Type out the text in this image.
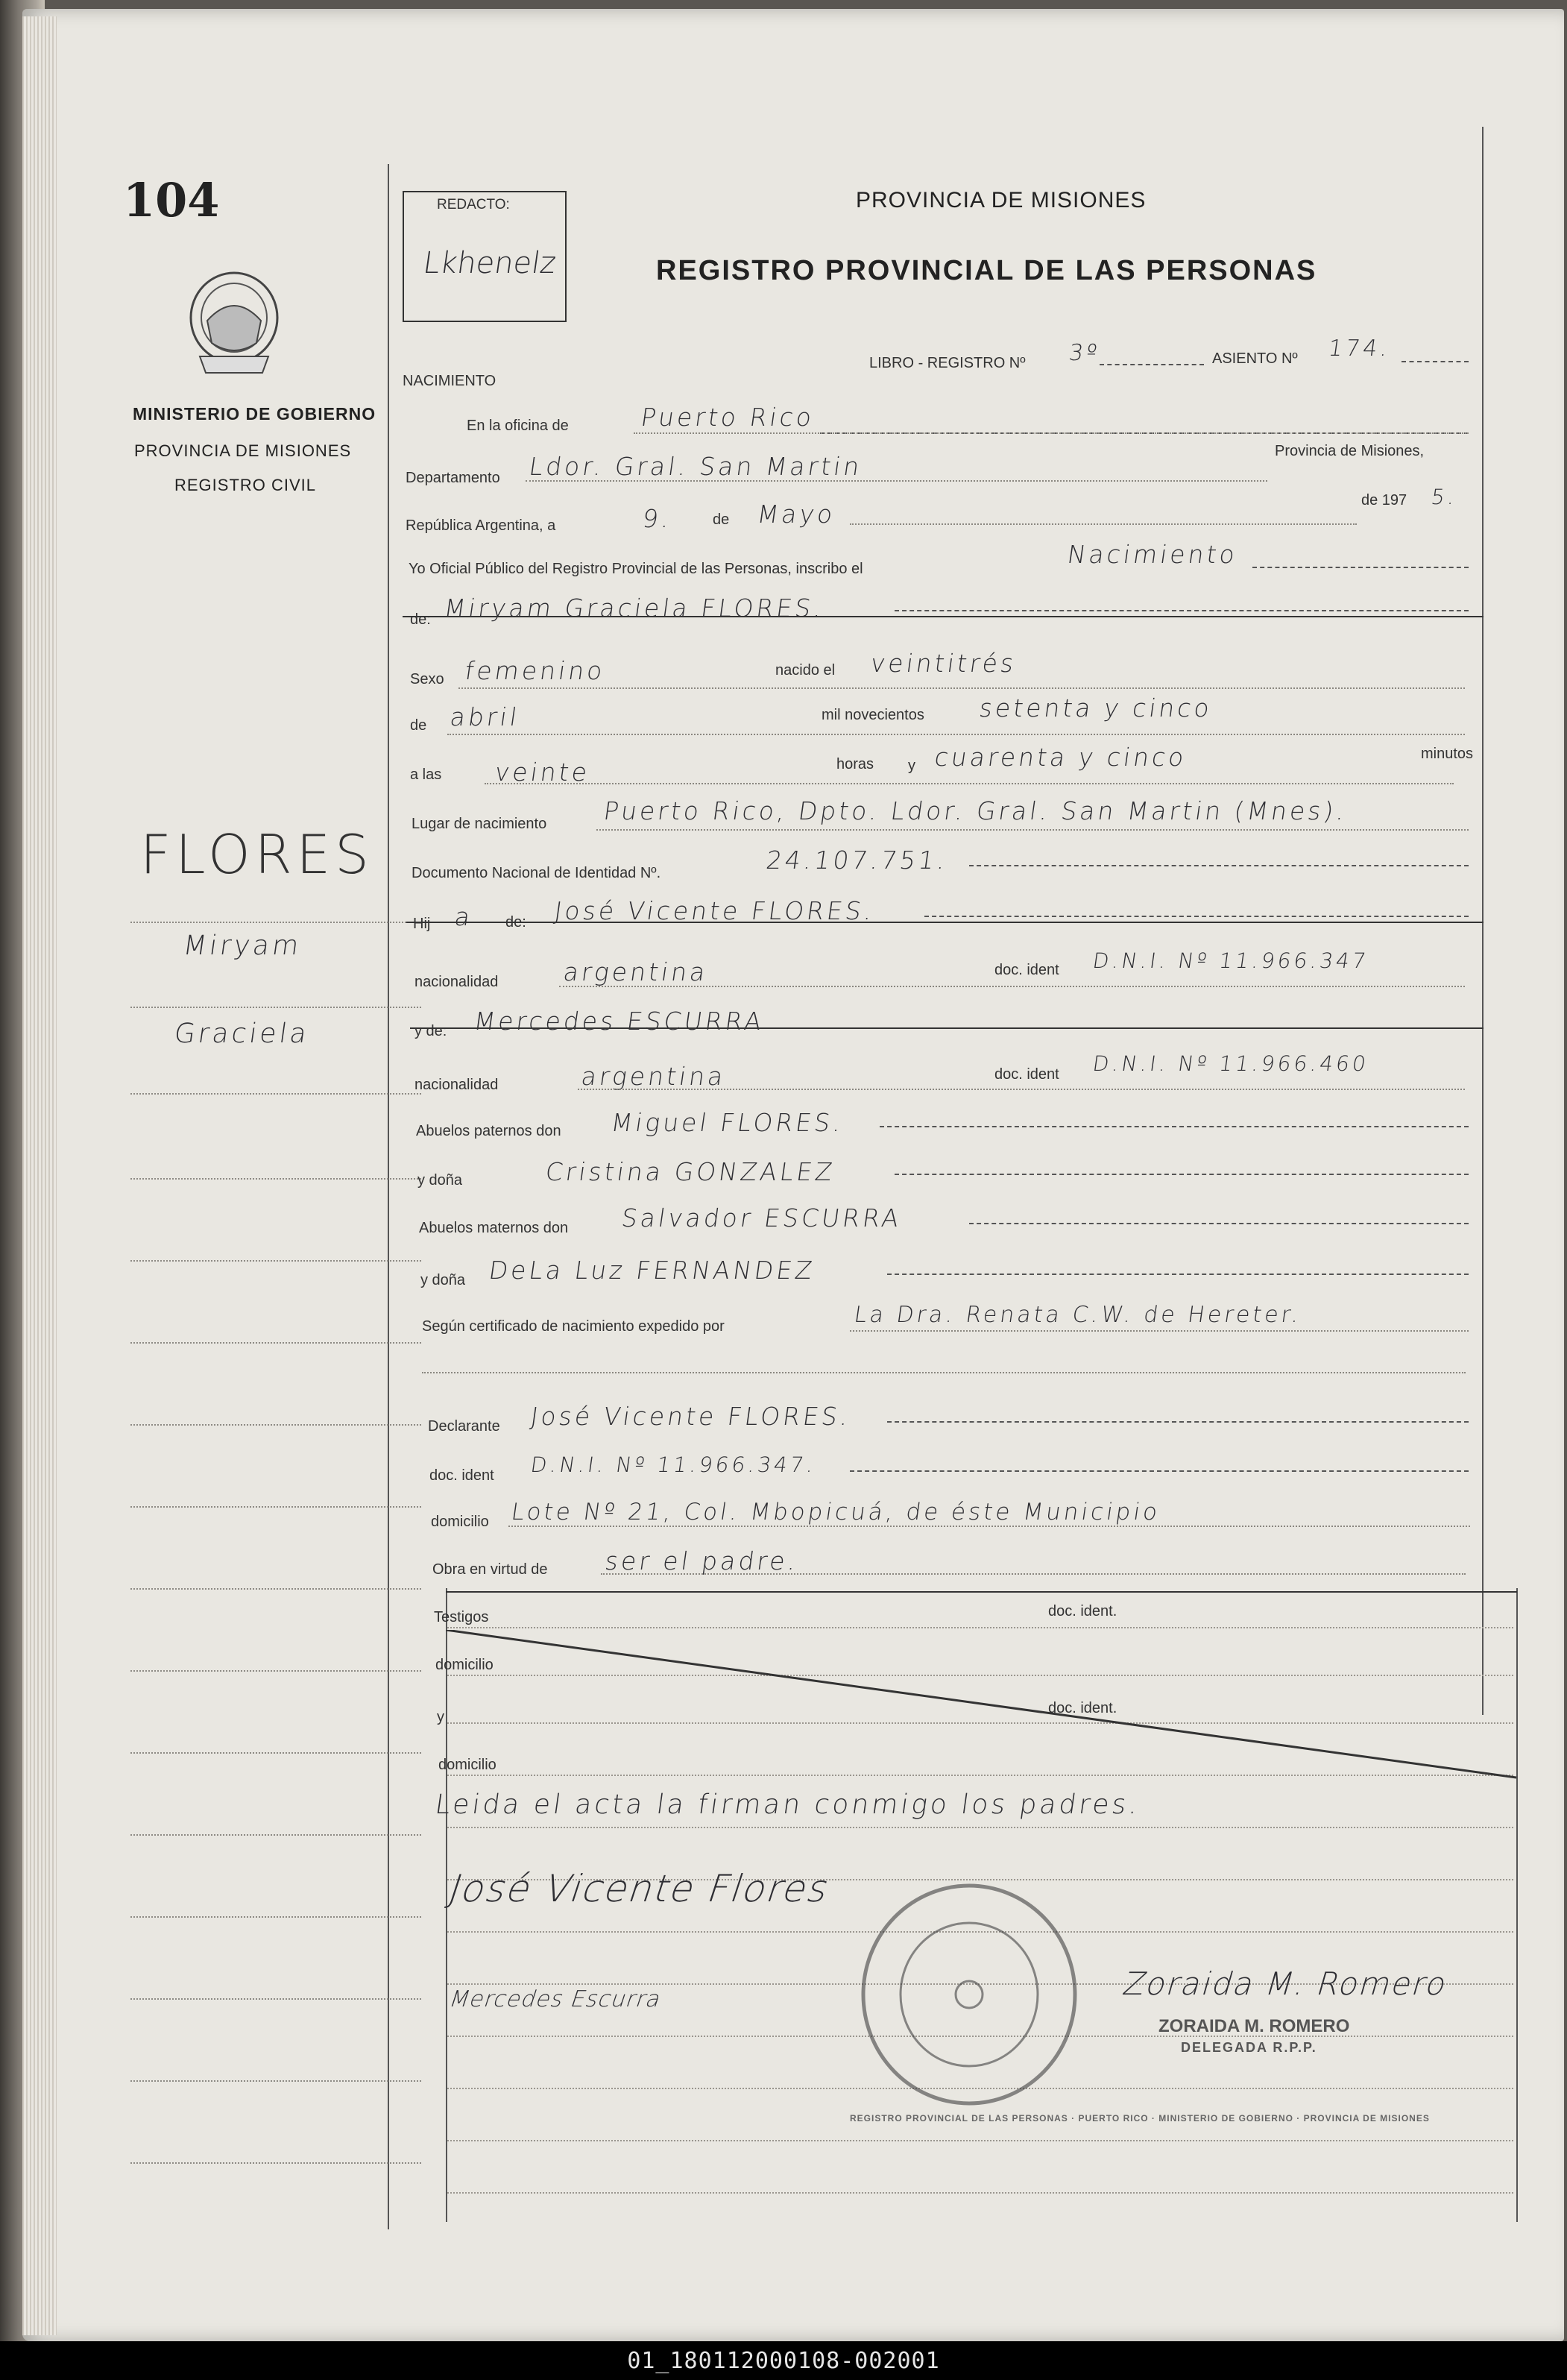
104
MINISTERIO DE GOBIERNO
PROVINCIA DE MISIONES
REGISTRO CIVIL
REDACTO:
Lkhenelz
PROVINCIA DE MISIONES
REGISTRO PROVINCIAL DE LAS PERSONAS
LIBRO - REGISTRO Nº 3º	ASIENTO Nº 174.
NACIMIENTO
FLORES
Miryam
Graciela
En la oficina de	Puerto Rico
Departamento Ldor. Gral. San Martin
Provincia de Misiones,
República Argentina, a	9.	de Mayo	de 197 5.
Yo Oficial Público del Registro Provincial de las Personas, inscribo el	Nacimiento
de: Miryam Graciela FLORES.
Sexo femenino	nacido el veintitrés
de abril	mil novecientos setenta y cinco
a las veinte	horas y cuarenta y cinco	minutos
Lugar de nacimiento Puerto Rico, Dpto. Ldor. Gral. San Martin (Mnes).
Documento Nacional de Identidad Nº.	24.107.751.
Hij a de: José Vicente FLORES.
nacionalidad	argentina	doc. ident D.N.I. Nº 11.966.347
y de: Mercedes ESCURRA
nacionalidad	argentina	doc. ident D.N.I. Nº 11.966.460
Abuelos paternos don Miguel FLORES.
y doña	Cristina GONZALEZ
Abuelos maternos don Salvador ESCURRA
y doña DeLa Luz FERNANDEZ
Según certificado de nacimiento expedido por	La Dra. Renata C.W. de Hereter.
Declarante José Vicente FLORES.
doc. ident D.N.I. Nº 11.966.347.
domicilio Lote Nº 21, Col. Mbopicuá, de éste Municipio
Obra en virtud de ser el padre.
Testigos	doc. ident.
domicilio
y
doc. ident.
domicilio
Leida el acta la firman conmigo los padres.
José Vicente Flores
Mercedes Escurra	Zoraida M. Romero
ZORAIDA M. ROMERO
DELEGADA R.P.P.
REGISTRO PROVINCIAL DE LAS PERSONAS · PUERTO RICO · MINISTERIO DE GOBIERNO · PROVINCIA DE MISIONES
01_180112000108-002001
